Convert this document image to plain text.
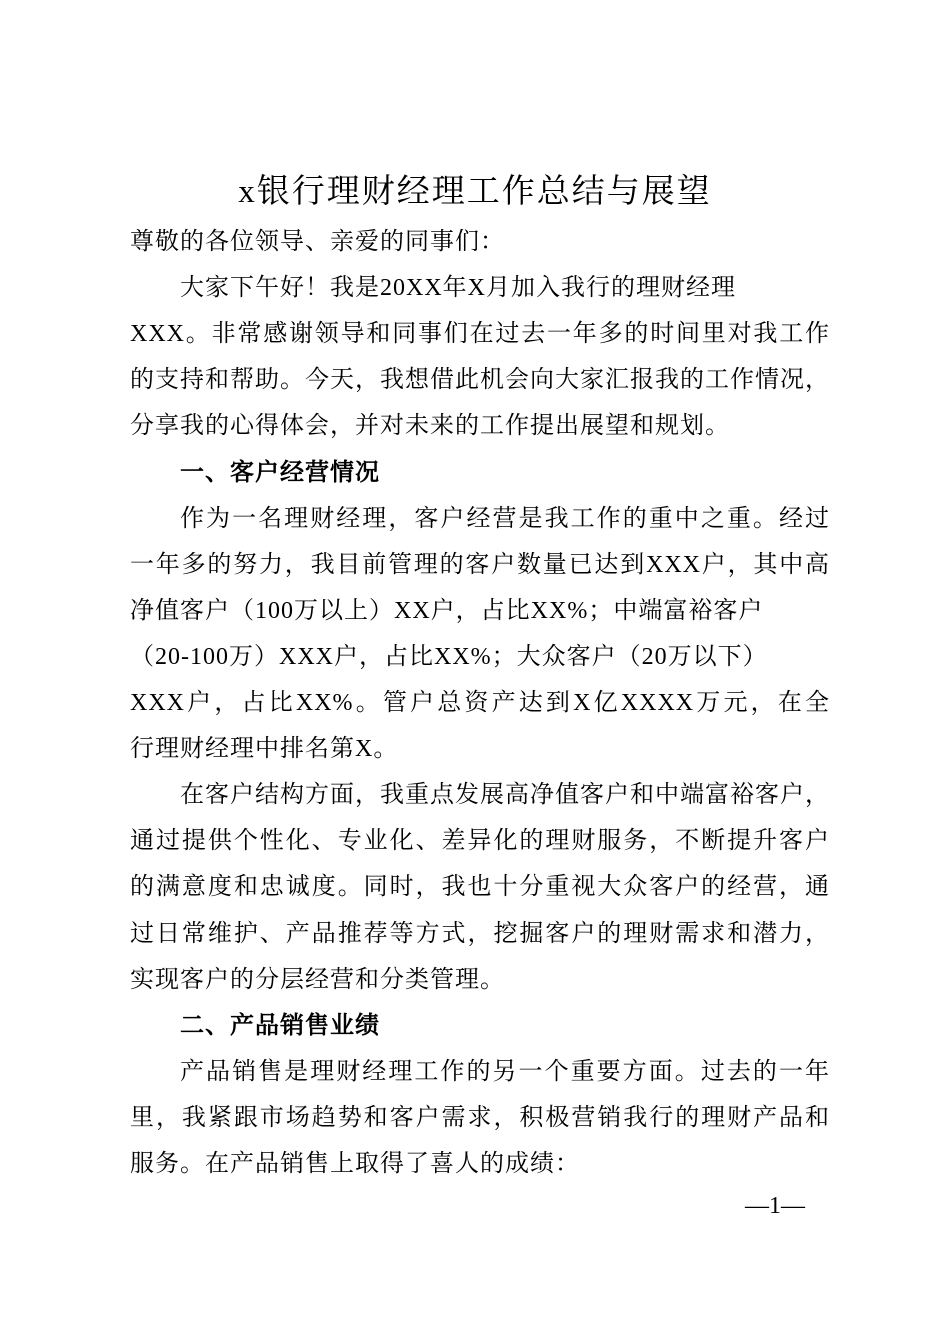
x银行理财经理工作总结与展望
尊敬的各位领导、亲爱的同事们：
大家下午好！我是20XX年X月加入我行的理财经理
XXX。非常感谢领导和同事们在过去一年多的时间里对我工作
的支持和帮助。今天，我想借此机会向大家汇报我的工作情况，
分享我的心得体会，并对未来的工作提出展望和规划。
一、客户经营情况
作为一名理财经理，客户经营是我工作的重中之重。经过
一年多的努力，我目前管理的客户数量已达到XXX户，其中高
净值客户（100万以上）XX户，占比XX%；中端富裕客户
（20-100万）XXX户，占比XX%；大众客户（20万以下）
XXX户，占比XX%。管户总资产达到X亿XXXX万元，在全
行理财经理中排名第X。
在客户结构方面，我重点发展高净值客户和中端富裕客户，
通过提供个性化、专业化、差异化的理财服务，不断提升客户
的满意度和忠诚度。同时，我也十分重视大众客户的经营，通
过日常维护、产品推荐等方式，挖掘客户的理财需求和潜力，
实现客户的分层经营和分类管理。
二、产品销售业绩
产品销售是理财经理工作的另一个重要方面。过去的一年
里，我紧跟市场趋势和客户需求，积极营销我行的理财产品和
服务。在产品销售上取得了喜人的成绩：
—1—
